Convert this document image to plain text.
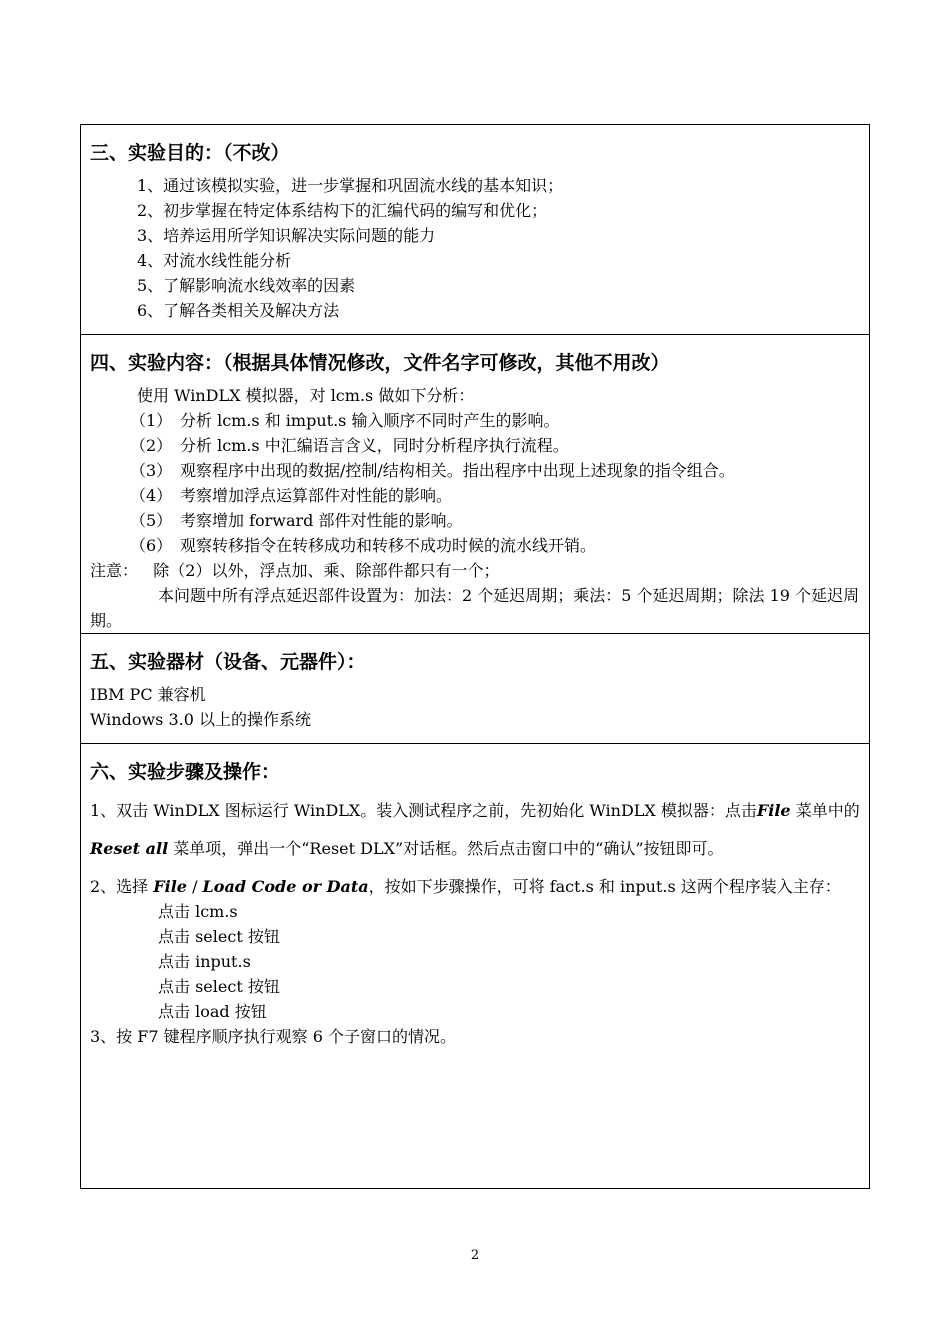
三、实验目的：（不改）
1、通过该模拟实验，进一步掌握和巩固流水线的基本知识；
2、初步掌握在特定体系结构下的汇编代码的编写和优化；
3、培养运用所学知识解决实际问题的能力
4、对流水线性能分析
5、了解影响流水线效率的因素
6、了解各类相关及解决方法

四、实验内容：（根据具体情况修改，文件名字可修改，其他不用改）
使用 WinDLX 模拟器，对 lcm.s 做如下分析：
（1） 分析 lcm.s 和 imput.s 输入顺序不同时产生的影响。
（2） 分析 lcm.s 中汇编语言含义，同时分析程序执行流程。
（3） 观察程序中出现的数据/控制/结构相关。指出程序中出现上述现象的指令组合。
（4） 考察增加浮点运算部件对性能的影响。
（5） 考察增加 forward 部件对性能的影响。
（6） 观察转移指令在转移成功和转移不成功时候的流水线开销。
注意： 除（2）以外，浮点加、乘、除部件都只有一个；
本问题中所有浮点延迟部件设置为：加法：2 个延迟周期；乘法：5 个延迟周期；除法 19 个延迟周期。

五、实验器材（设备、元器件）：
IBM PC 兼容机
Windows 3.0 以上的操作系统

六、实验步骤及操作：
1、双击 WinDLX 图标运行 WinDLX。装入测试程序之前，先初始化 WinDLX 模拟器：点击File 菜单中的 Reset all 菜单项，弹出一个“Reset DLX”对话框。然后点击窗口中的“确认”按钮即可。
2、选择 File / Load Code or Data，按如下步骤操作，可将 fact.s 和 input.s 这两个程序装入主存：
点击 lcm.s
点击 select 按钮
点击 input.s
点击 select 按钮
点击 load 按钮
3、按 F7 键程序顺序执行观察 6 个子窗口的情况。
2
